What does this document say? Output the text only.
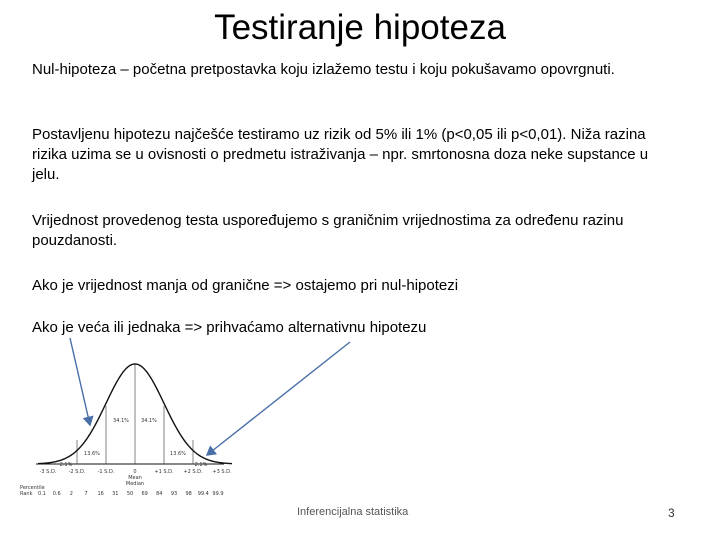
Testiranje hipoteza
Nul-hipoteza – početna pretpostavka koju izlažemo testu i koju pokušavamo opovrgnuti.
Postavljenu hipotezu najčešće testiramo uz rizik od 5% ili 1% (p<0,05 ili p<0,01). Niža razina rizika uzima se u ovisnosti o predmetu istraživanja – npr. smrtonosna doza neke supstance u jelu.
Vrijednost provedenog testa uspoređujemo s graničnim vrijednostima za određenu razinu pouzdanosti.
Ako je vrijednost manja od granične => ostajemo pri nul-hipotezi
Ako je veća ili jednaka => prihvaćamo alternativnu hipotezu
2.1%
13.6%
34.1% 34.1%
13.6%
2.1%
-3 S.D. -2 S.D. -1 S.D.	0	+1 S.D. +2 S.D. +3 S.D.
Mean
Median
Percentile
Rank 0.1 0.6 2 7 16 31 50 69 84 93 98 99.4 99.9
Inferencijalna statistika	3
